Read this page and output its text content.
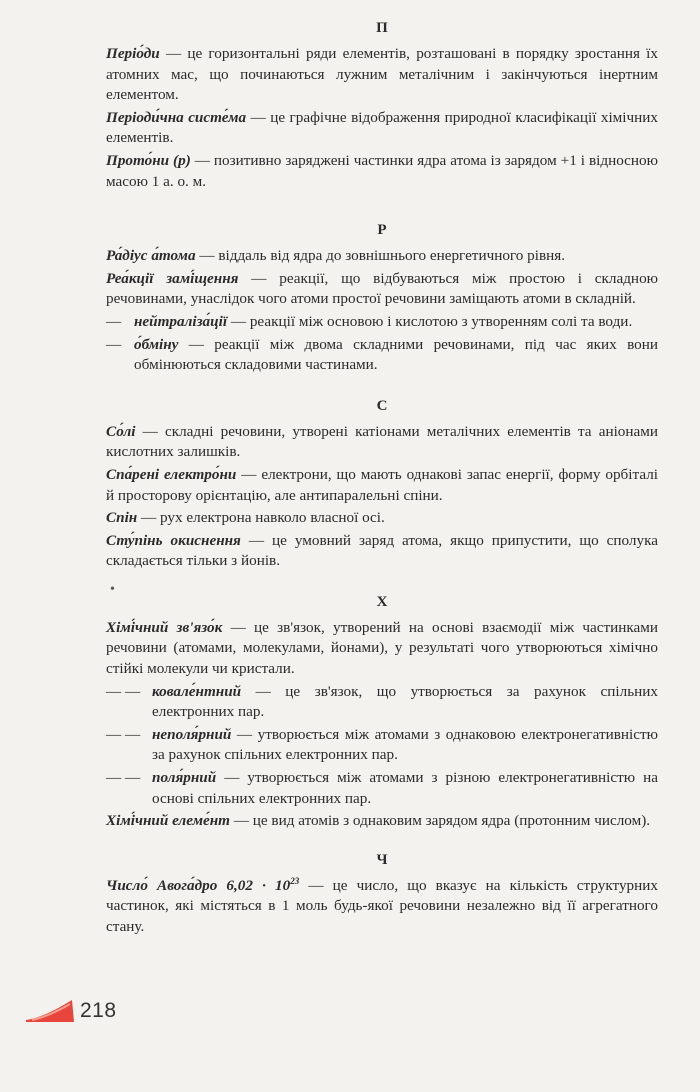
П
Періо́ди — це горизонтальні ряди елементів, розташовані в порядку зростання їх атомних мас, що починаються лужним металічним і закінчуються інертним елементом.
Періоди́чна систе́ма — це графічне відображення природної класифікації хімічних елементів.
Прото́ни (p) — позитивно заряджені частинки ядра атома із зарядом +1 і відносною масою 1 а. о. м.
Р
Ра́діус а́тома — віддаль від ядра до зовнішнього енергетичного рівня.
Реа́кції замі́щення — реакції, що відбуваються між простою і складною речовинами, унаслідок чого атоми простої речовини заміщають атоми в складній.
— нейтраліза́ції — реакції між основою і кислотою з утворенням солі та води.
— о́бміну — реакції між двома складними речовинами, під час яких вони обмінюються складовими частинами.
С
Со́лі — складні речовини, утворені катіонами металічних елементів та аніонами кислотних залишків.
Спа́рені електро́ни — електрони, що мають однакові запас енергії, форму орбіталі й просторову орієнтацію, але антипаралельні спіни.
Спін — рух електрона навколо власної осі.
Сту́пінь окиснення — це умовний заряд атома, якщо припустити, що сполука складається тільки з йонів.
Х
Хімі́чний зв'язо́к — це зв'язок, утворений на основі взаємодії між частинками речовини (атомами, молекулами, йонами), у результаті чого утворюються хімічно стійкі молекули чи кристали.
— — ковале́нтний — це зв'язок, що утворюється за рахунок спільних електронних пар.
— — неполя́рний — утворюється між атомами з однаковою електронегативністю за рахунок спільних електронних пар.
— — поля́рний — утворюється між атомами з різною електронегативністю на основі спільних електронних пар.
Хімі́чний елеме́нт — це вид атомів з однаковим зарядом ядра (протонним числом).
Ч
Число́ Авога́дро $6,02 \cdot 10^{23}$ — це число, що вказує на кількість структурних частинок, які містяться в 1 моль будь-якої речовини незалежно від її агрегатного стану.
•
218
